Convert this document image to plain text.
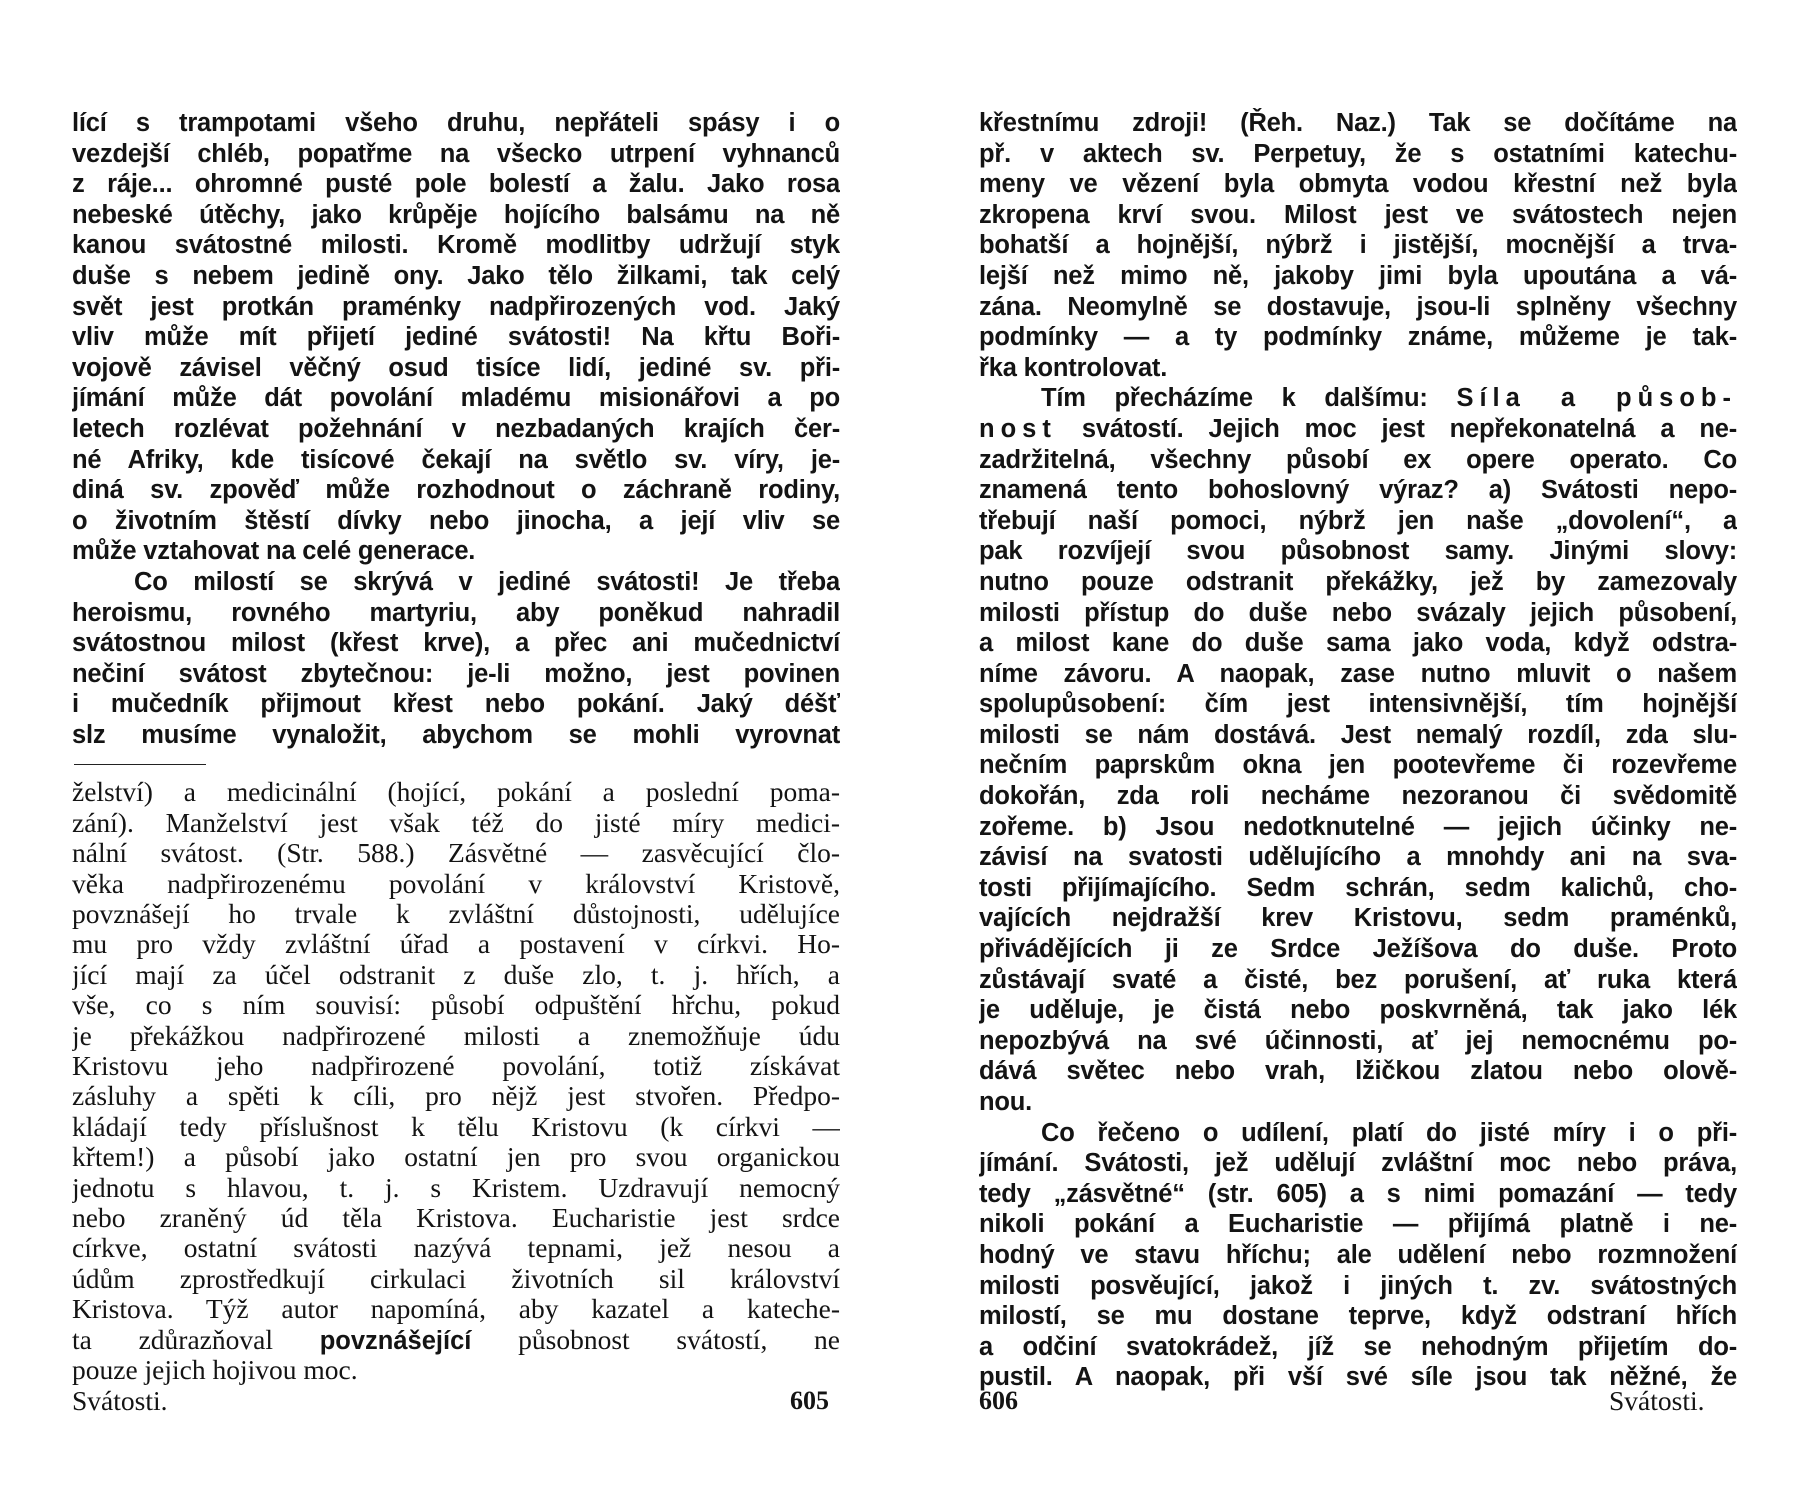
lící s trampotami všeho druhu, nepřáteli spásy i o
vezdejší chléb, popatřme na všecko utrpení vyhnanců
z ráje... ohromné pusté pole bolestí a žalu. Jako rosa
nebeské útěchy, jako krůpěje hojícího balsámu na ně
kanou svátostné milosti. Kromě modlitby udržují styk
duše s nebem jedině ony. Jako tělo žilkami, tak celý
svět jest protkán praménky nadpřirozených vod. Jaký
vliv může mít přijetí jediné svátosti! Na křtu Boři-
vojově závisel věčný osud tisíce lidí, jediné sv. při-
jímání může dát povolání mladému misionářovi a po
letech rozlévat požehnání v nezbadaných krajích čer-
né Afriky, kde tisícové čekají na světlo sv. víry, je-
diná sv. zpověď může rozhodnout o záchraně rodiny,
o životním štěstí dívky nebo jinocha, a její vliv se
může vztahovat na celé generace.
Co milostí se skrývá v jediné svátosti! Je třeba
heroismu, rovného martyriu, aby poněkud nahradil
svátostnou milost (křest krve), a přec ani mučednictví
nečiní svátost zbytečnou: je-li možno, jest povinen
i mučedník přijmout křest nebo pokání. Jaký déšť
slz musíme vynaložit, abychom se mohli vyrovnat
želství) a medicinální (hojící, pokání a poslední poma-
zání). Manželství jest však též do jisté míry medici-
nální svátost. (Str. 588.) Zásvětné — zasvěcující člo-
věka nadpřirozenému povolání v království Kristově,
povznášejí ho trvale k zvláštní důstojnosti, udělujíce
mu pro vždy zvláštní úřad a postavení v církvi. Ho-
jící mají za účel odstranit z duše zlo, t. j. hřích, a
vše, co s ním souvisí: působí odpuštění hřchu, pokud
je překážkou nadpřirozené milosti a znemožňuje údu
Kristovu jeho nadpřirozené povolání, totiž získávat
zásluhy a spěti k cíli, pro nějž jest stvořen. Předpo-
kládají tedy příslušnost k tělu Kristovu (k církvi —
křtem!) a působí jako ostatní jen pro svou organickou
jednotu s hlavou, t. j. s Kristem. Uzdravují nemocný
nebo zraněný úd těla Kristova. Eucharistie jest srdce
církve, ostatní svátosti nazývá tepnami, jež nesou a
údům zprostředkují cirkulaci životních sil království
Kristova. Týž autor napomíná, aby kazatel a kateche-
ta zdůrazňoval povznášející působnost svátostí, ne
pouze jejich hojivou moc.
Svátosti.	605
křestnímu zdroji! (Řeh. Naz.) Tak se dočítáme na
př. v aktech sv. Perpetuy, že s ostatními katechu-
meny ve vězení byla obmyta vodou křestní než byla
zkropena krví svou. Milost jest ve svátostech nejen
bohatší a hojnější, nýbrž i jistější, mocnější a trva-
lejší než mimo ně, jakoby jimi byla upoutána a vá-
zána. Neomylně se dostavuje, jsou-li splněny všechny
podmínky — a ty podmínky známe, můžeme je tak-
řka kontrolovat.
Tím přecházíme k dalšímu: Síla a působ-
nost svátostí. Jejich moc jest nepřekonatelná a ne-
zadržitelná, všechny působí ex opere operato. Co
znamená tento bohoslovný výraz? a) Svátosti nepo-
třebují naší pomoci, nýbrž jen naše „dovolení“, a
pak rozvíjejí svou působnost samy. Jinými slovy:
nutno pouze odstranit překážky, jež by zamezovaly
milosti přístup do duše nebo svázaly jejich působení,
a milost kane do duše sama jako voda, když odstra-
níme závoru. A naopak, zase nutno mluvit o našem
spolupůsobení: čím jest intensivnější, tím hojnější
milosti se nám dostává. Jest nemalý rozdíl, zda slu-
nečním paprskům okna jen pootevřeme či rozevřeme
dokořán, zda roli necháme nezoranou či svědomitě
zořeme. b) Jsou nedotknutelné — jejich účinky ne-
závisí na svatosti udělujícího a mnohdy ani na sva-
tosti přijímajícího. Sedm schrán, sedm kalichů, cho-
vajících nejdražší krev Kristovu, sedm praménků,
přivádějících ji ze Srdce Ježíšova do duše. Proto
zůstávají svaté a čisté, bez porušení, ať ruka která
je uděluje, je čistá nebo poskvrněná, tak jako lék
nepozbývá na své účinnosti, ať jej nemocnému po-
dává světec nebo vrah, lžičkou zlatou nebo olově-
nou.
Co řečeno o udílení, platí do jisté míry i o při-
jímání. Svátosti, jež udělují zvláštní moc nebo práva,
tedy „zásvětné“ (str. 605) a s nimi pomazání — tedy
nikoli pokání a Eucharistie — přijímá platně i ne-
hodný ve stavu hříchu; ale udělení nebo rozmnožení
milosti posvěující, jakož i jiných t. zv. svátostných
milostí, se mu dostane teprve, když odstraní hřích
a odčiní svatokrádež, jíž se nehodným přijetím do-
pustil. A naopak, při vší své síle jsou tak něžné, že
606	Svátosti.
